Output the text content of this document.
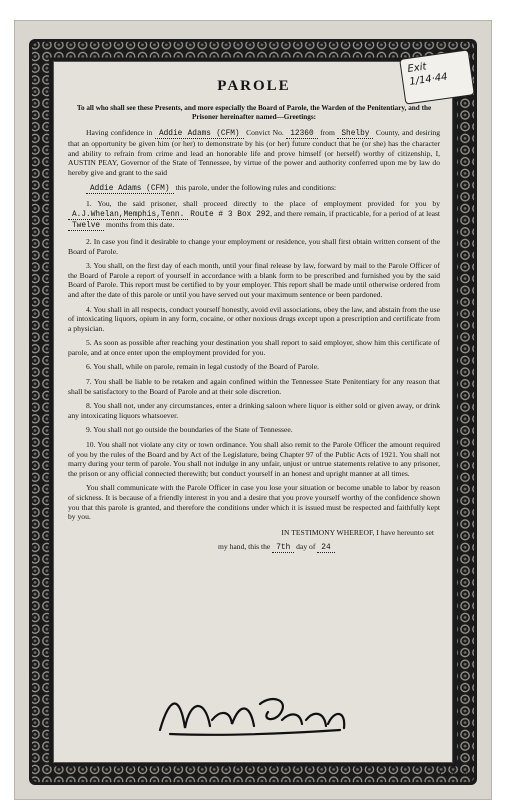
PAROLE
To all who shall see these Presents, and more especially the Board of Parole, the Warden of the Penitentiary, and the Prisoner hereinafter named—Greetings:

Having confidence in Addie Adams (CFM) Convict No. 12360 from Shelby County, and desiring that an opportunity be given him (or her) to demonstrate by his (or her) future conduct that he (or she) has the character and ability to refrain from crime and lead an honorable life and prove himself (or herself) worthy of citizenship, I, AUSTIN PEAY, Governor of the State of Tennessee, by virtue of the power and authority conferred upon me by law do hereby give and grant to the said

Addie Adams (CFM) this parole, under the following rules and conditions:

1. You, the said prisoner, shall proceed directly to the place of employment provided for you by A.J.Whelan,Memphis,Tenn. Route # 3 Box 292, and there remain, if practicable, for a period of at least Twelve months from this date.

2. In case you find it desirable to change your employment or residence, you shall first obtain written consent of the Board of Parole.

3. You shall, on the first day of each month, until your final release by law, forward by mail to the Parole Officer of the Board of Parole a report of yourself in accordance with a blank form to be prescribed and furnished you by the said Board of Parole. This report must be certified to by your employer. This report shall be made until otherwise ordered from and after the date of this parole or until you have served out your maximum sentence or been pardoned.

4. You shall in all respects, conduct yourself honestly, avoid evil associations, obey the law, and abstain from the use of intoxicating liquors, opium in any form, cocaine, or other noxious drugs except upon a prescription and certificate from a physician.

5. As soon as possible after reaching your destination you shall report to said employer, show him this certificate of parole, and at once enter upon the employment provided for you.

6. You shall, while on parole, remain in legal custody of the Board of Parole.

7. You shall be liable to be retaken and again confined within the Tennessee State Penitentiary for any reason that shall be satisfactory to the Board of Parole and at their sole discretion.

8. You shall not, under any circumstances, enter a drinking saloon where liquor is either sold or given away, or drink any intoxicating liquors whatsoever.

9. You shall not go outside the boundaries of the State of Tennessee.

10. You shall not violate any city or town ordinance. You shall also remit to the Parole Officer the amount required of you by the rules of the Board and by Act of the Legislature, being Chapter 97 of the Public Acts of 1921. You shall not marry during your term of parole. You shall not indulge in any unfair, unjust or untrue statements relative to any prisoner, the prison or any official connected therewith; but conduct yourself in an honest and upright manner at all times.

You shall communicate with the Parole Officer in case you lose your situation or become unable to labor by reason of sickness. It is because of a friendly interest in you and a desire that you prove yourself worthy of the confidence shown you that this parole is granted, and therefore the conditions under which it is issued must be respected and faithfully kept by you.

IN TESTIMONY WHEREOF, I have hereunto set

my hand, this the 7th day of 24

Governor
Exit
1/14·44
